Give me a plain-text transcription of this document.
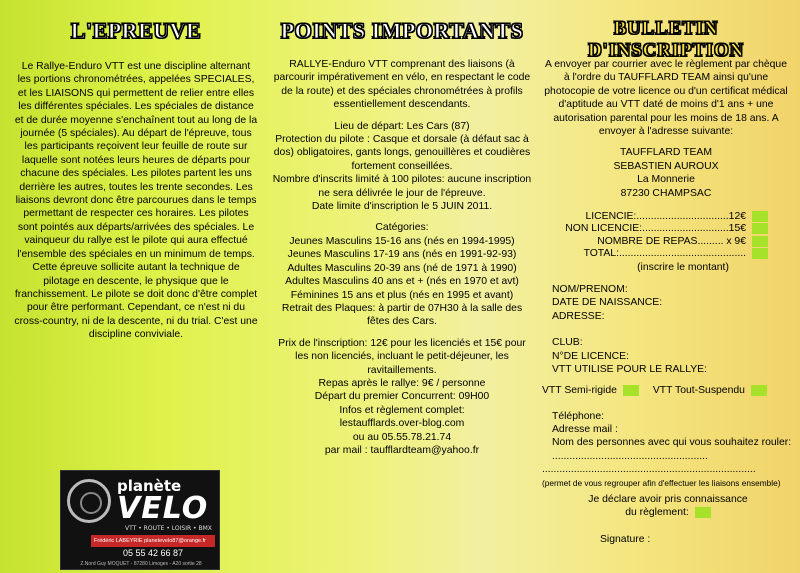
L'EPREUVE
Le Rallye-Enduro VTT est une discipline alternant les portions chronométrées, appelées SPECIALES, et les LIAISONS qui permettent de relier entre elles les différentes spéciales. Les spéciales de distance et de durée moyenne s'enchaînent tout au long de la journée (5 spéciales). Au départ de l'épreuve, tous les participants reçoivent leur feuille de route sur laquelle sont notées leurs heures de départs pour chacune des spéciales. Les pilotes partent les uns derrière les autres, toutes les trente secondes. Les liaisons devront donc être parcourues dans le temps permettant de respecter ces horaires. Les pilotes sont pointés aux départs/arrivées des spéciales. Le vainqueur du rallye est le pilote qui aura effectué l'ensemble des spéciales en un minimum de temps. Cette épreuve sollicite autant la technique de pilotage en descente, le physique que le franchissement. Le pilote se doit donc d'être complet pour être performant. Cependant, ce n'est ni du cross-country, ni de la descente, ni du trial. C'est une discipline conviviale.
planète
VELO
VTT • ROUTE • LOISIR • BMX
Frédéric LABEYRIE planetevelo87@orange.fr
05 55 42 66 87
Z.Nord Guy MOQUET - 87280 Limoges - A20 sortie 28
POINTS IMPORTANTS
RALLYE-Enduro VTT comprenant des liaisons (à parcourir impérativement en vélo, en respectant le code de la route) et des spéciales chronométrées à profils essentiellement descendants.
Lieu de départ: Les Cars (87)
Protection du pilote : Casque et dorsale (à défaut sac à dos) obligatoires, gants longs, genouillères et coudières fortement conseillées.
Nombre d'inscrits limité à 100 pilotes: aucune inscription ne sera délivrée le jour de l'épreuve.
Date limite d'inscription le 5 JUIN 2011.
Catégories:
Jeunes Masculins 15-16 ans (nés en 1994-1995)
Jeunes Masculins 17-19 ans (nés en 1991-92-93)
Adultes Masculins 20-39 ans (né de 1971 à 1990)
Adultes Masculins 40 ans et + (nés en 1970 et avt)
Féminines 15 ans et plus (nés en 1995 et avant)
Retrait des Plaques: à partir de 07H30 à la salle des fêtes des Cars.
Prix de l'inscription: 12€ pour les licenciés et 15€ pour les non licenciés, incluant le petit-déjeuner, les ravitaillements.
Repas après le rallye: 9€ / personne
Départ du premier Concurrent: 09H00
Infos et règlement complet:
lestaufflards.over-blog.com
ou au 05.55.78.21.74
par mail : taufflardteam@yahoo.fr
BULLETIN D'INSCRIPTION
A envoyer par courrier avec le règlement par chèque à l'ordre du TAUFFLARD TEAM ainsi qu'une photocopie de votre licence ou d'un certificat médical d'aptitude au VTT daté de moins d'1 ans + une autorisation parental pour les moins de 18 ans. A envoyer à l'adresse suivante:
TAUFFLARD TEAM
SEBASTIEN AUROUX
La Monnerie
87230 CHAMPSAC
LICENCIE:................................12€
NON LICENCIE:..............................15€
NOMBRE DE REPAS......... x 9€
TOTAL:............................................
(inscrire le montant)
NOM/PRENOM:
DATE DE NAISSANCE:
ADRESSE:
CLUB:
N°DE LICENCE:
VTT UTILISE POUR LE RALLYE:
VTT Semi-rigide	VTT Tout-Suspendu
Téléphone:
Adresse mail :
Nom des personnes avec qui vous souhaitez rouler: ......................................................
..........................................................................
(permet de vous regrouper afin d'effectuer les liaisons ensemble)
Je déclare avoir pris connaissance
du règlement:
Signature :
